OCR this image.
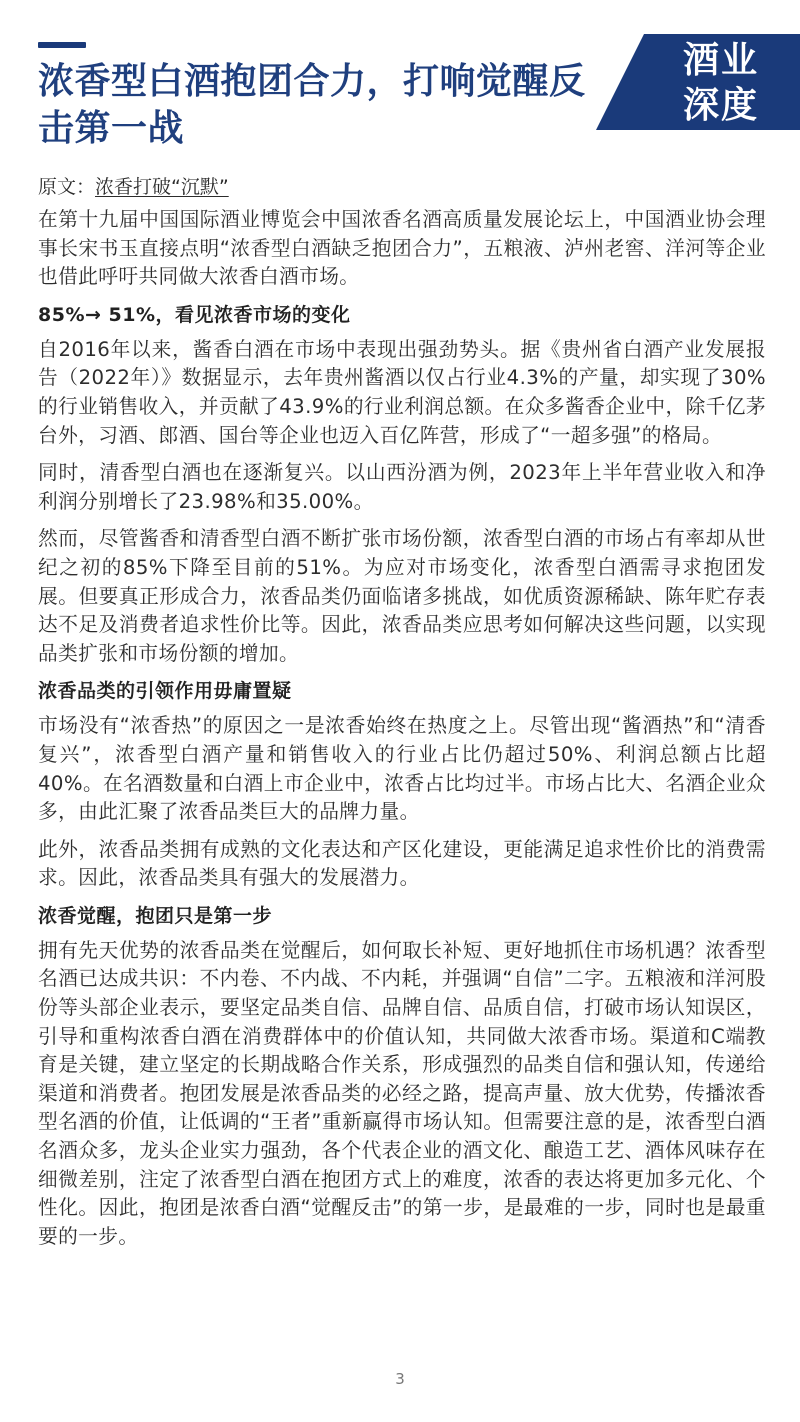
浓香型白酒抱团合力，打响觉醒反击第一战
酒业
深度
原文：浓香打破“沉默”

在第十九届中国国际酒业博览会中国浓香名酒高质量发展论坛上，中国酒业协会理事长宋书玉直接点明“浓香型白酒缺乏抱团合力”，五粮液、泸州老窖、洋河等企业也借此呼吁共同做大浓香白酒市场。

85%→ 51%，看见浓香市场的变化

自2016年以来，酱香白酒在市场中表现出强劲势头。据《贵州省白酒产业发展报告（2022年）》数据显示，去年贵州酱酒以仅占行业4.3%的产量，却实现了30%的行业销售收入，并贡献了43.9%的行业利润总额。在众多酱香企业中，除千亿茅台外，习酒、郎酒、国台等企业也迈入百亿阵营，形成了“一超多强”的格局。

同时，清香型白酒也在逐渐复兴。以山西汾酒为例，2023年上半年营业收入和净利润分别增长了23.98%和35.00%。

然而，尽管酱香和清香型白酒不断扩张市场份额，浓香型白酒的市场占有率却从世纪之初的85%下降至目前的51%。为应对市场变化，浓香型白酒需寻求抱团发展。但要真正形成合力，浓香品类仍面临诸多挑战，如优质资源稀缺、陈年贮存表达不足及消费者追求性价比等。因此，浓香品类应思考如何解决这些问题，以实现品类扩张和市场份额的增加。

浓香品类的引领作用毋庸置疑

市场没有“浓香热”的原因之一是浓香始终在热度之上。尽管出现“酱酒热”和“清香复兴”，浓香型白酒产量和销售收入的行业占比仍超过50%、利润总额占比超40%。在名酒数量和白酒上市企业中，浓香占比均过半。市场占比大、名酒企业众多，由此汇聚了浓香品类巨大的品牌力量。

此外，浓香品类拥有成熟的文化表达和产区化建设，更能满足追求性价比的消费需求。因此，浓香品类具有强大的发展潜力。

浓香觉醒，抱团只是第一步

拥有先天优势的浓香品类在觉醒后，如何取长补短、更好地抓住市场机遇？浓香型名酒已达成共识：不内卷、不内战、不内耗，并强调“自信”二字。五粮液和洋河股份等头部企业表示，要坚定品类自信、品牌自信、品质自信，打破市场认知误区，引导和重构浓香白酒在消费群体中的价值认知，共同做大浓香市场。渠道和C端教育是关键，建立坚定的长期战略合作关系，形成强烈的品类自信和强认知，传递给渠道和消费者。抱团发展是浓香品类的必经之路，提高声量、放大优势，传播浓香型名酒的价值，让低调的“王者”重新赢得市场认知。但需要注意的是，浓香型白酒名酒众多，龙头企业实力强劲，各个代表企业的酒文化、酿造工艺、酒体风味存在细微差别，注定了浓香型白酒在抱团方式上的难度，浓香的表达将更加多元化、个性化。因此，抱团是浓香白酒“觉醒反击”的第一步，是最难的一步，同时也是最重要的一步。

3
